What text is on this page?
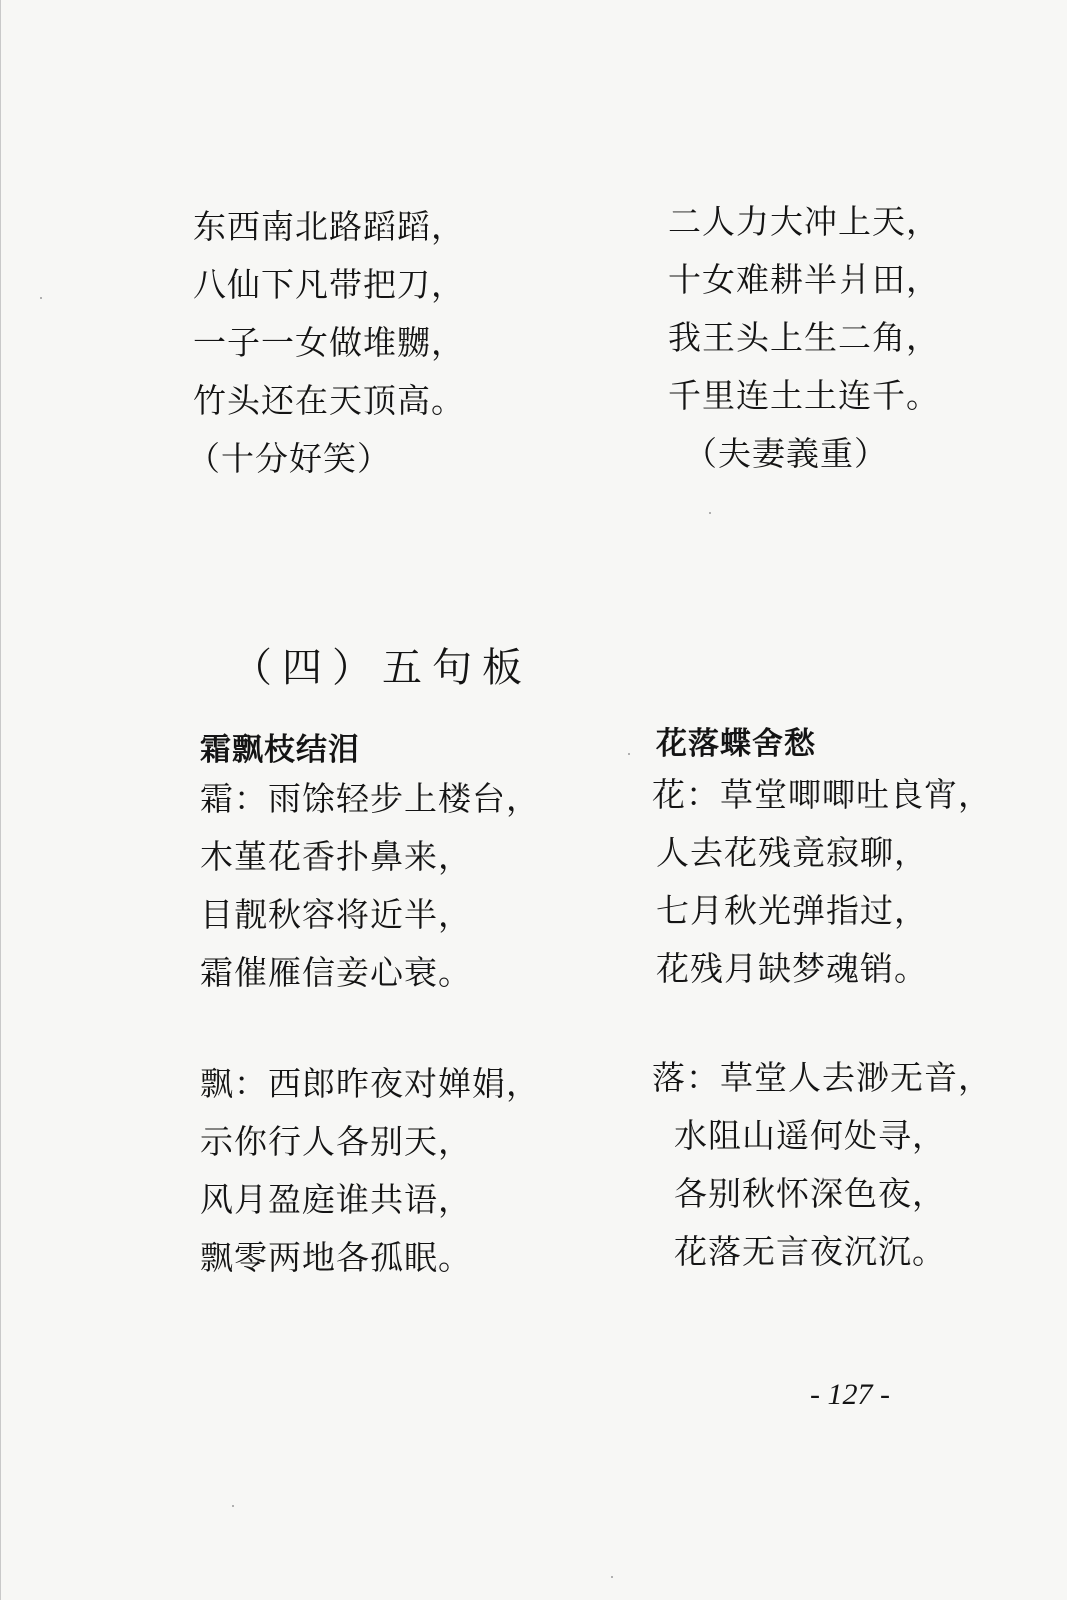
东西南北路蹈蹈，
八仙下凡带把刀，
一子一女做堆嬲，
竹头还在天顶高。
（十分好笑）
二人力大冲上天，
十女难耕半爿田，
我王头上生二角，
千里连土土连千。
（夫妻義重）
（四）五句板
霜飘枝结泪
霜：雨馀轻步上楼台，
木堇花香扑鼻来，
目靓秋容将近半，
霜催雁信妾心衰。
飘：西郎昨夜对婵娟，
示你行人各别天，
风月盈庭谁共语，
飘零两地各孤眠。
花落蝶舍愁
花：草堂唧唧吐良宵，
人去花残竟寂聊，
七月秋光弹指过，
花残月缺梦魂销。
落：草堂人去渺无音，
水阻山遥何处寻，
各别秋怀深色夜，
花落无言夜沉沉。
- 127 -
